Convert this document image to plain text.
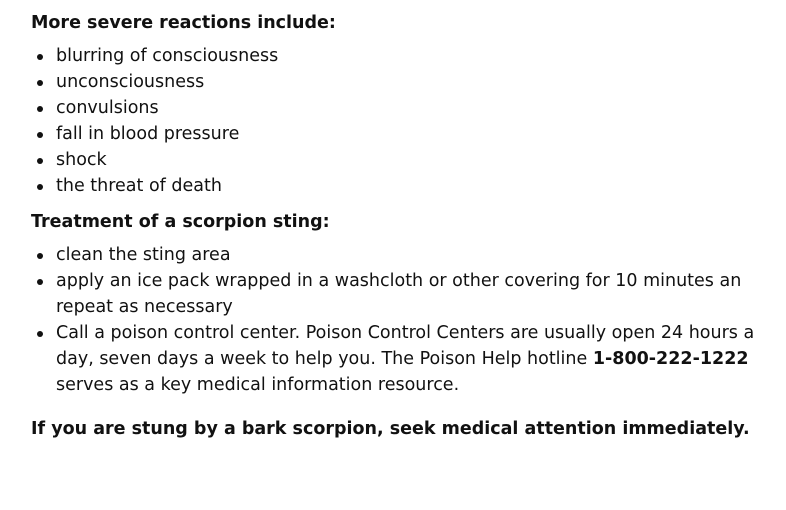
More severe reactions include:

blurring of consciousness
unconsciousness
convulsions
fall in blood pressure
shock
the threat of death

Treatment of a scorpion sting:

clean the sting area
apply an ice pack wrapped in a washcloth or other covering for 10 minutes an repeat as necessary
Call a poison control center. Poison Control Centers are usually open 24 hours a day, seven days a week to help you. The Poison Help hotline 1-800-222-1222 serves as a key medical information resource.

If you are stung by a bark scorpion, seek medical attention immediately.
